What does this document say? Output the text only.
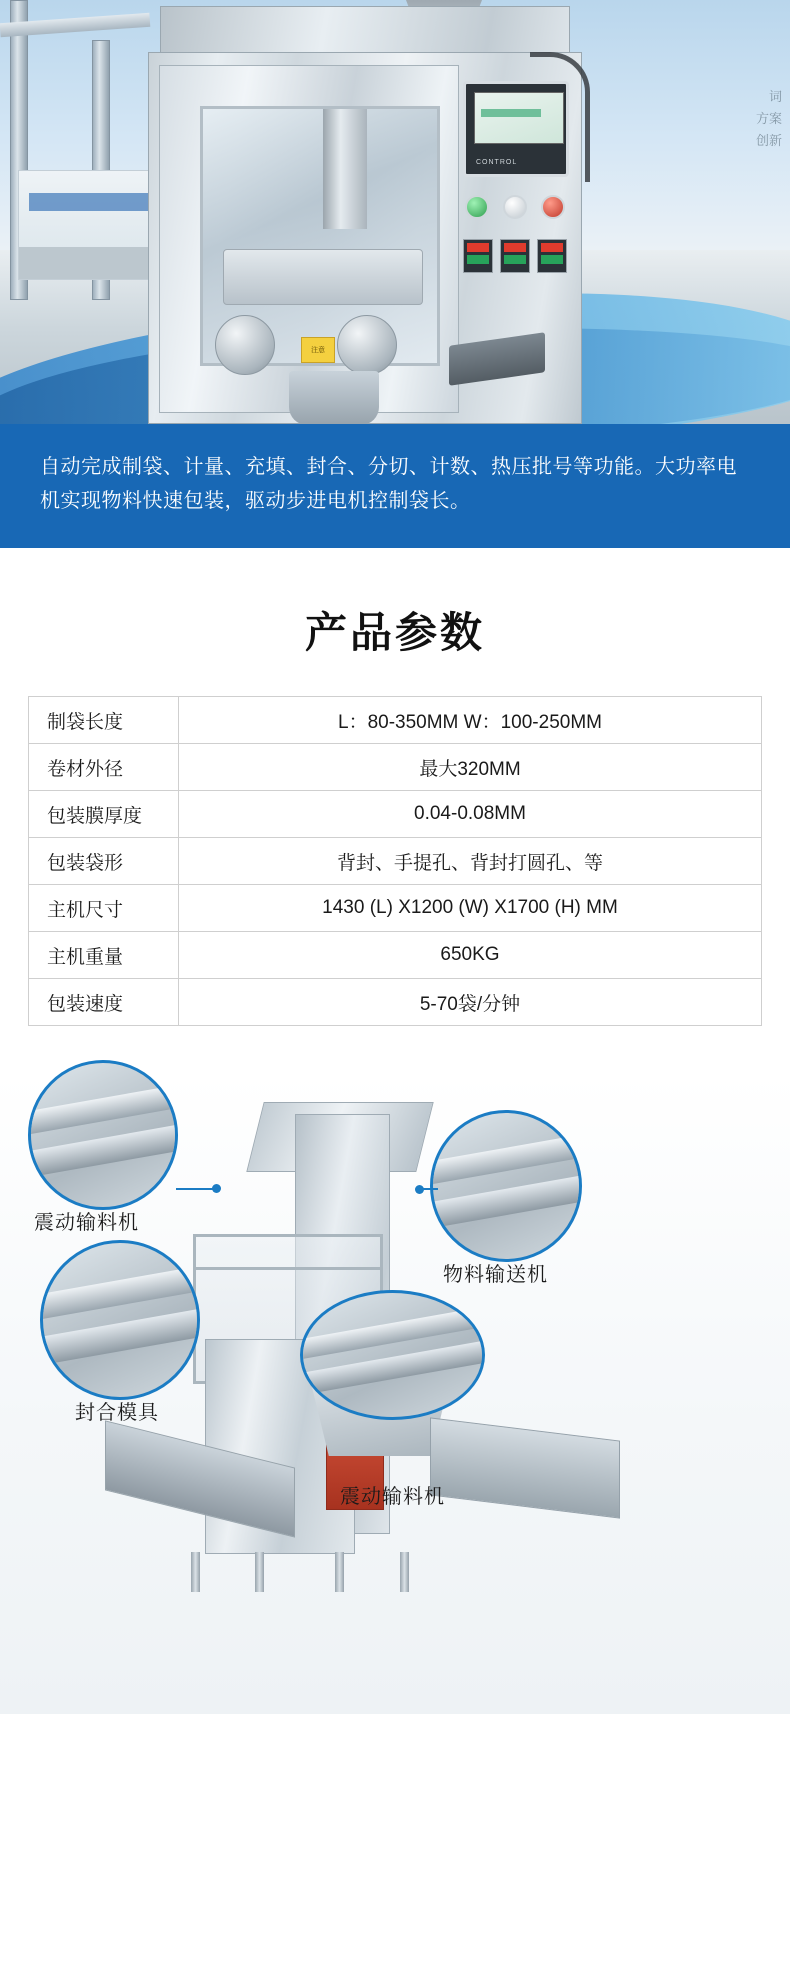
词
方案
创新
注意
CONTROL

自动完成制袋、计量、充填、封合、分切、计数、热压批号等功能。大功率电机实现物料快速包装，驱动步进电机控制袋长。

产品参数
制袋长度	L：80-350MM W：100-250MM
卷材外径	最大320MM
包装膜厚度	0.04-0.08MM
包装袋形	背封、手提孔、背封打圆孔、等
主机尺寸	1430 (L) X1200 (W) X1700 (H) MM
主机重量	650KG
包装速度	5-70袋/分钟
震动输料机
物料输送机
封合模具
震动输料机
